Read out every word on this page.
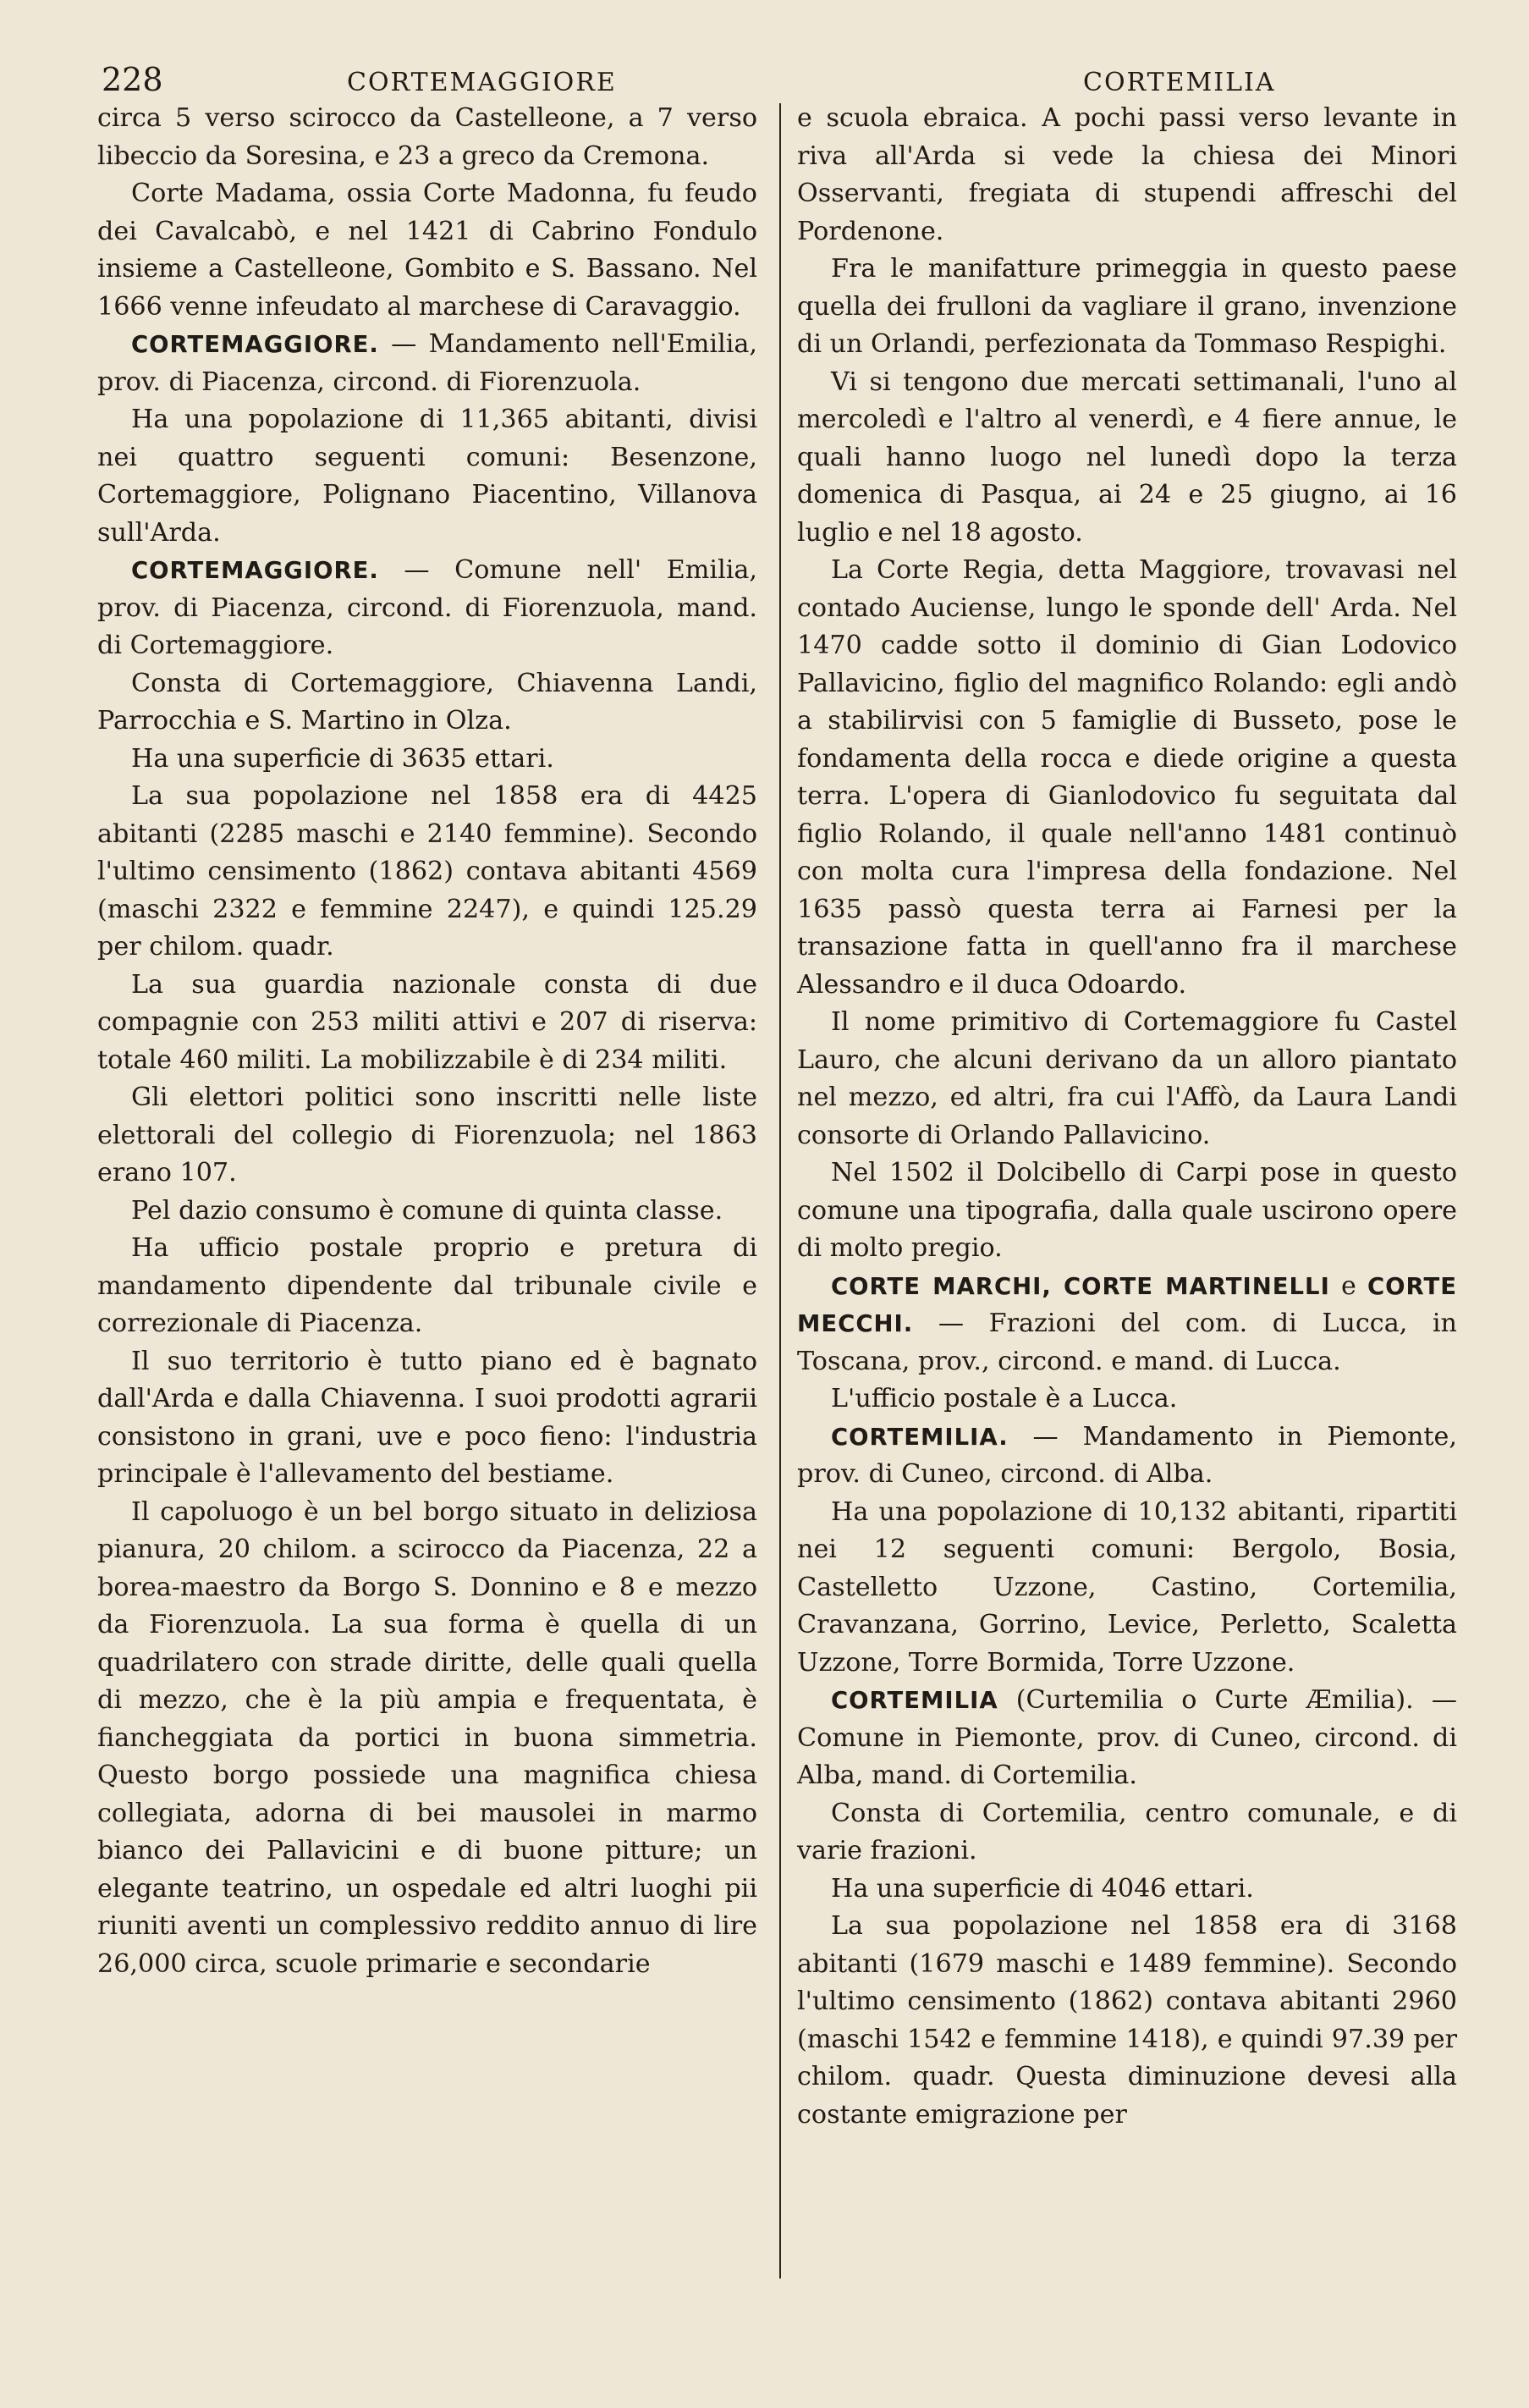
228	CORTEMAGGIORE	CORTEMILIA

circa 5 verso scirocco da Castelleone, a 7 verso libeccio da Soresina, e 23 a greco da Cremona.

Corte Madama, ossia Corte Madonna, fu feudo dei Cavalcabò, e nel 1421 di Cabrino Fondulo insieme a Castelleone, Gombito e S. Bassano. Nel 1666 venne infeudato al marchese di Caravaggio.

CORTEMAGGIORE. — Mandamento nell'Emilia, prov. di Piacenza, circond. di Fiorenzuola.

Ha una popolazione di 11,365 abitanti, divisi nei quattro seguenti comuni: Besenzone, Cortemaggiore, Polignano Piacentino, Villanova sull'Arda.

CORTEMAGGIORE. — Comune nell' Emilia, prov. di Piacenza, circond. di Fiorenzuola, mand. di Cortemaggiore.

Consta di Cortemaggiore, Chiavenna Landi, Parrocchia e S. Martino in Olza.

Ha una superficie di 3635 ettari.

La sua popolazione nel 1858 era di 4425 abitanti (2285 maschi e 2140 femmine). Secondo l'ultimo censimento (1862) contava abitanti 4569 (maschi 2322 e femmine 2247), e quindi 125.29 per chilom. quadr.

La sua guardia nazionale consta di due compagnie con 253 militi attivi e 207 di riserva: totale 460 militi. La mobilizzabile è di 234 militi.

Gli elettori politici sono inscritti nelle liste elettorali del collegio di Fiorenzuola; nel 1863 erano 107.

Pel dazio consumo è comune di quinta classe.

Ha ufficio postale proprio e pretura di mandamento dipendente dal tribunale civile e correzionale di Piacenza.

Il suo territorio è tutto piano ed è bagnato dall'Arda e dalla Chiavenna. I suoi prodotti agrarii consistono in grani, uve e poco fieno: l'industria principale è l'allevamento del bestiame.

Il capoluogo è un bel borgo situato in deliziosa pianura, 20 chilom. a scirocco da Piacenza, 22 a borea-maestro da Borgo S. Donnino e 8 e mezzo da Fiorenzuola. La sua forma è quella di un quadrilatero con strade diritte, delle quali quella di mezzo, che è la più ampia e frequentata, è fiancheggiata da portici in buona simmetria. Questo borgo possiede una magnifica chiesa collegiata, adorna di bei mausolei in marmo bianco dei Pallavicini e di buone pitture; un elegante teatrino, un ospedale ed altri luoghi pii riuniti aventi un complessivo reddito annuo di lire 26,000 circa, scuole primarie e secondarie

e scuola ebraica. A pochi passi verso levante in riva all'Arda si vede la chiesa dei Minori Osservanti, fregiata di stupendi affreschi del Pordenone.

Fra le manifatture primeggia in questo paese quella dei frulloni da vagliare il grano, invenzione di un Orlandi, perfezionata da Tommaso Respighi.

Vi si tengono due mercati settimanali, l'uno al mercoledì e l'altro al venerdì, e 4 fiere annue, le quali hanno luogo nel lunedì dopo la terza domenica di Pasqua, ai 24 e 25 giugno, ai 16 luglio e nel 18 agosto.

La Corte Regia, detta Maggiore, trovavasi nel contado Auciense, lungo le sponde dell' Arda. Nel 1470 cadde sotto il dominio di Gian Lodovico Pallavicino, figlio del magnifico Rolando: egli andò a stabilirvisi con 5 famiglie di Busseto, pose le fondamenta della rocca e diede origine a questa terra. L'opera di Gianlodovico fu seguitata dal figlio Rolando, il quale nell'anno 1481 continuò con molta cura l'impresa della fondazione. Nel 1635 passò questa terra ai Farnesi per la transazione fatta in quell'anno fra il marchese Alessandro e il duca Odoardo.

Il nome primitivo di Cortemaggiore fu Castel Lauro, che alcuni derivano da un alloro piantato nel mezzo, ed altri, fra cui l'Affò, da Laura Landi consorte di Orlando Pallavicino.

Nel 1502 il Dolcibello di Carpi pose in questo comune una tipografia, dalla quale uscirono opere di molto pregio.

CORTE MARCHI, CORTE MARTINELLI e CORTE MECCHI. — Frazioni del com. di Lucca, in Toscana, prov., circond. e mand. di Lucca.

L'ufficio postale è a Lucca.

CORTEMILIA. — Mandamento in Piemonte, prov. di Cuneo, circond. di Alba.

Ha una popolazione di 10,132 abitanti, ripartiti nei 12 seguenti comuni: Bergolo, Bosia, Castelletto Uzzone, Castino, Cortemilia, Cravanzana, Gorrino, Levice, Perletto, Scaletta Uzzone, Torre Bormida, Torre Uzzone.

CORTEMILIA (Curtemilia o Curte Æmilia). — Comune in Piemonte, prov. di Cuneo, circond. di Alba, mand. di Cortemilia.

Consta di Cortemilia, centro comunale, e di varie frazioni.

Ha una superficie di 4046 ettari.

La sua popolazione nel 1858 era di 3168 abitanti (1679 maschi e 1489 femmine). Secondo l'ultimo censimento (1862) contava abitanti 2960 (maschi 1542 e femmine 1418), e quindi 97.39 per chilom. quadr. Questa diminuzione devesi alla costante emigrazione per
